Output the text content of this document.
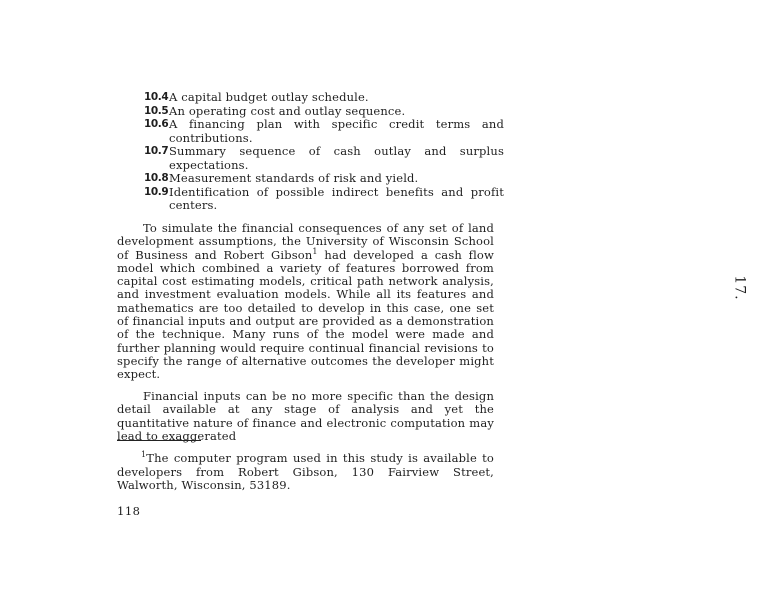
10.4 A capital budget outlay schedule.
10.5 An operating cost and outlay sequence.
10.6 A financing plan with specific credit terms and contributions.
10.7 Summary sequence of cash outlay and surplus expectations.
10.8 Measurement standards of risk and yield.
10.9 Identification of possible indirect benefits and profit centers.

To simulate the financial consequences of any set of land development assumptions, the University of Wisconsin School of Business and Robert Gibson$^1$ had developed a cash flow model which combined a variety of features borrowed from capital cost estimating models, critical path network analysis, and investment evaluation models. While all its features and mathematics are too detailed to develop in this case, one set of financial inputs and output are provided as a demonstration of the technique. Many runs of the model were made and further planning would require continual financial revisions to specify the range of alternative outcomes the developer might expect.

Financial inputs can be no more specific than the design detail available at any stage of analysis and yet the quantitative nature of finance and electronic computation may lead to exaggerated

$^1$The computer program used in this study is available to developers from Robert Gibson, 130 Fairview Street, Walworth, Wisconsin, 53189.

118
17.
